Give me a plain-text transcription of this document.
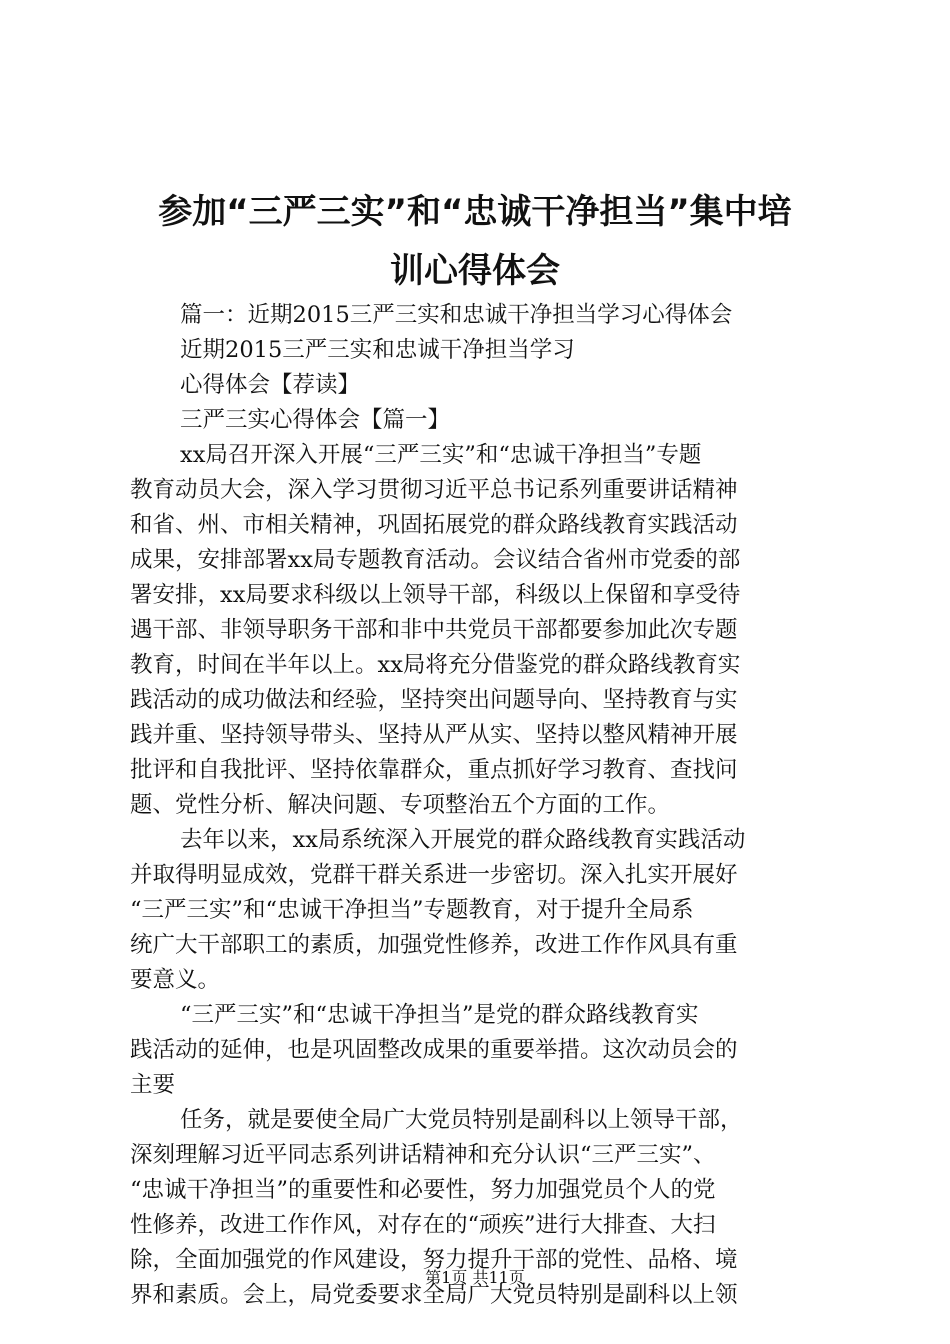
参加“三严三实”和“忠诚干净担当”集中培
训心得体会
篇一：近期2015三严三实和忠诚干净担当学习心得体会
近期2015三严三实和忠诚干净担当学习
心得体会【荐读】
三严三实心得体会【篇一】
xx局召开深入开展“三严三实”和“忠诚干净担当”专题
教育动员大会，深入学习贯彻习近平总书记系列重要讲话精神
和省、州、市相关精神，巩固拓展党的群众路线教育实践活动
成果，安排部署xx局专题教育活动。会议结合省州市党委的部
署安排，xx局要求科级以上领导干部，科级以上保留和享受待
遇干部、非领导职务干部和非中共党员干部都要参加此次专题
教育，时间在半年以上。xx局将充分借鉴党的群众路线教育实
践活动的成功做法和经验，坚持突出问题导向、坚持教育与实
践并重、坚持领导带头、坚持从严从实、坚持以整风精神开展
批评和自我批评、坚持依靠群众，重点抓好学习教育、查找问
题、党性分析、解决问题、专项整治五个方面的工作。
去年以来，xx局系统深入开展党的群众路线教育实践活动
并取得明显成效，党群干群关系进一步密切。深入扎实开展好
“三严三实”和“忠诚干净担当”专题教育，对于提升全局系
统广大干部职工的素质，加强党性修养，改进工作作风具有重
要意义。
“三严三实”和“忠诚干净担当”是党的群众路线教育实
践活动的延伸，也是巩固整改成果的重要举措。这次动员会的
主要
任务，就是要使全局广大党员特别是副科以上领导干部，
深刻理解习近平同志系列讲话精神和充分认识“三严三实”、
“忠诚干净担当”的重要性和必要性，努力加强党员个人的党
性修养，改进工作作风，对存在的“顽疾”进行大排查、大扫
除，全面加强党的作风建设，努力提升干部的党性、品格、境
界和素质。会上，局党委要求全局广大党员特别是副科以上领
第1页 共11页
